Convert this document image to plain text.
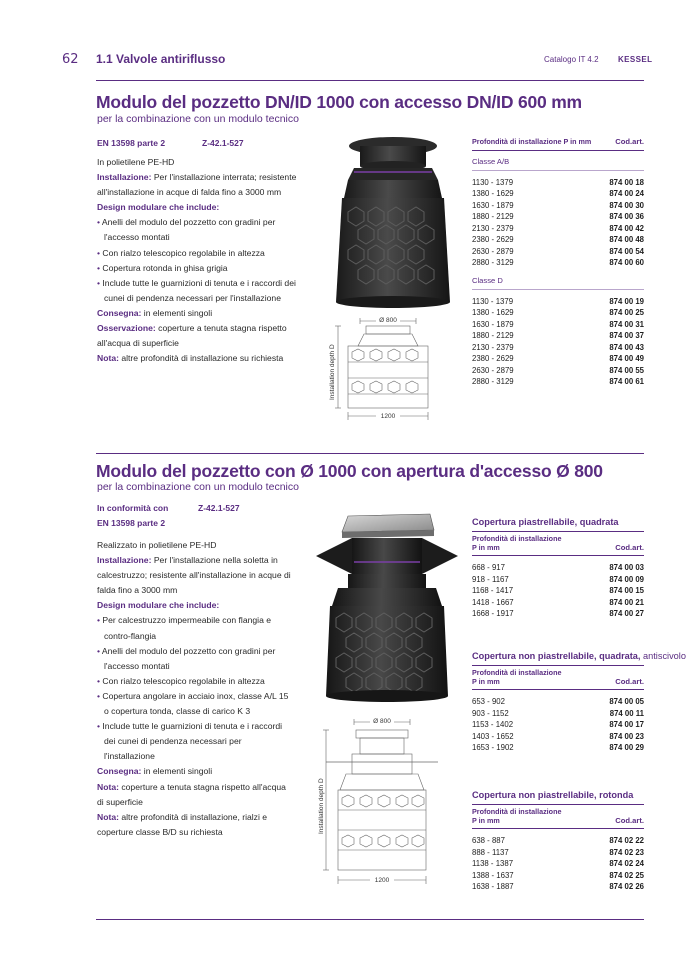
62 1.1 Valvole antiriflusso	Catalogo IT 4.2 KESSEL
Modulo del pozzetto DN/ID 1000 con accesso DN/ID 600 mm
per la combinazione con un modulo tecnico
EN 13598 parte 2	Z-42.1-527
In polietilene PE-HD
Installazione: Per l'installazione interrata; resistente all'installazione in acque di falda fino a 3000 mm
Design modulare che include:
• Anelli del modulo del pozzetto con gradini per l'accesso montati
• Con rialzo telescopico regolabile in altezza
• Copertura rotonda in ghisa grigia
• Include tutte le guarnizioni di tenuta e i raccordi dei cunei di pendenza necessari per l'installazione
Consegna: in elementi singoli
Osservazione: coperture a tenuta stagna rispetto all'acqua di superficie
Nota: altre profondità di installazione su richiesta
Ø 800
Installation depth D
1200
Profondità di installazione P in mm	Cod.art.
Classe A/B
1130 - 1379	874 00 18
1380 - 1629	874 00 24
1630 - 1879	874 00 30
1880 - 2129	874 00 36
2130 - 2379	874 00 42
2380 - 2629	874 00 48
2630 - 2879	874 00 54
2880 - 3129	874 00 60
Classe D
1130 - 1379	874 00 19
1380 - 1629	874 00 25
1630 - 1879	874 00 31
1880 - 2129	874 00 37
2130 - 2379	874 00 43
2380 - 2629	874 00 49
2630 - 2879	874 00 55
2880 - 3129	874 00 61
Modulo del pozzetto con Ø 1000 con apertura d'accesso Ø 800
per la combinazione con un modulo tecnico
In conformità con	Z-42.1-527
EN 13598 parte 2
Realizzato in polietilene PE-HD
Installazione: Per l'installazione nella soletta in calcestruzzo; resistente all'installazione in acque di falda fino a 3000 mm
Design modulare che include:
• Per calcestruzzo impermeabile con flangia e contro-flangia
• Anelli del modulo del pozzetto con gradini per l'accesso montati
• Con rialzo telescopico regolabile in altezza
• Copertura angolare in acciaio inox, classe A/L 15 o copertura tonda, classe di carico K 3
• Include tutte le guarnizioni di tenuta e i raccordi dei cunei di pendenza necessari per l'installazione
Consegna: in elementi singoli
Nota: coperture a tenuta stagna rispetto all'acqua di superficie
Nota: altre profondità di installazione, rialzi e coperture classe B/D su richiesta
Ø 800
Installation depth D
1200
Copertura piastrellabile, quadrata
Profondità di installazione P in mm	Cod.art.
668 - 917	874 00 03
918 - 1167	874 00 09
1168 - 1417	874 00 15
1418 - 1667	874 00 21
1668 - 1917	874 00 27
Copertura non piastrellabile, quadrata, antiscivolo
Profondità di installazione P in mm	Cod.art.
653 - 902	874 00 05
903 - 1152	874 00 11
1153 - 1402	874 00 17
1403 - 1652	874 00 23
1653 - 1902	874 00 29
Copertura non piastrellabile, rotonda
Profondità di installazione P in mm	Cod.art.
638 - 887	874 02 22
888 - 1137	874 02 23
1138 - 1387	874 02 24
1388 - 1637	874 02 25
1638 - 1887	874 02 26
